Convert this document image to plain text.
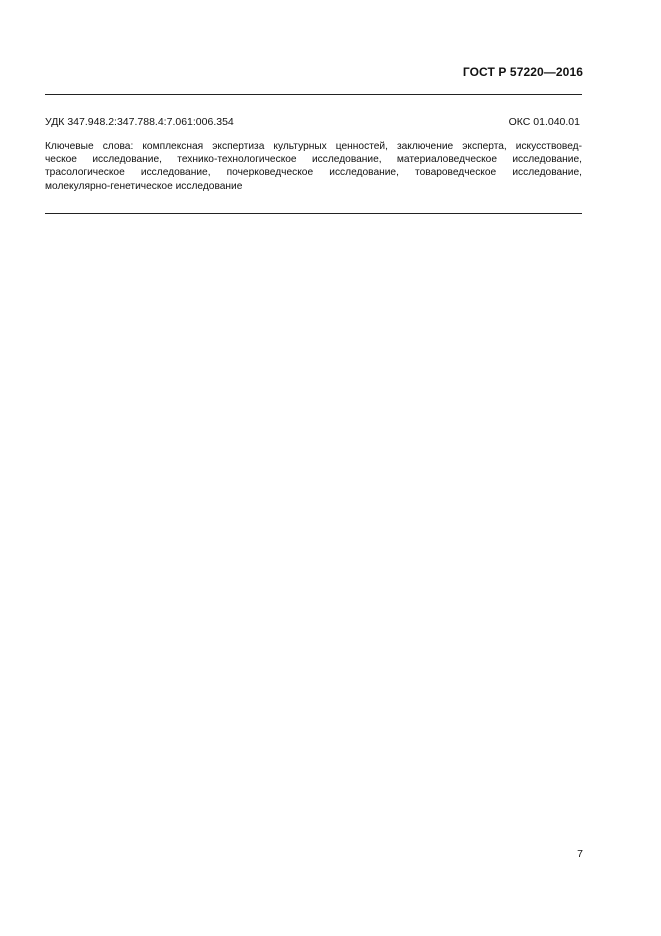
ГОСТ Р 57220—2016
УДК 347.948.2:347.788.4:7.061:006.354	ОКС 01.040.01
Ключевые слова: комплексная экспертиза культурных ценностей, заключение эксперта, искусствовед-
ческое исследование, технико-технологическое исследование, материаловедческое исследование,
трасологическое исследование, почерковедческое исследование, товароведческое исследование,
молекулярно-генетическое исследование
7
